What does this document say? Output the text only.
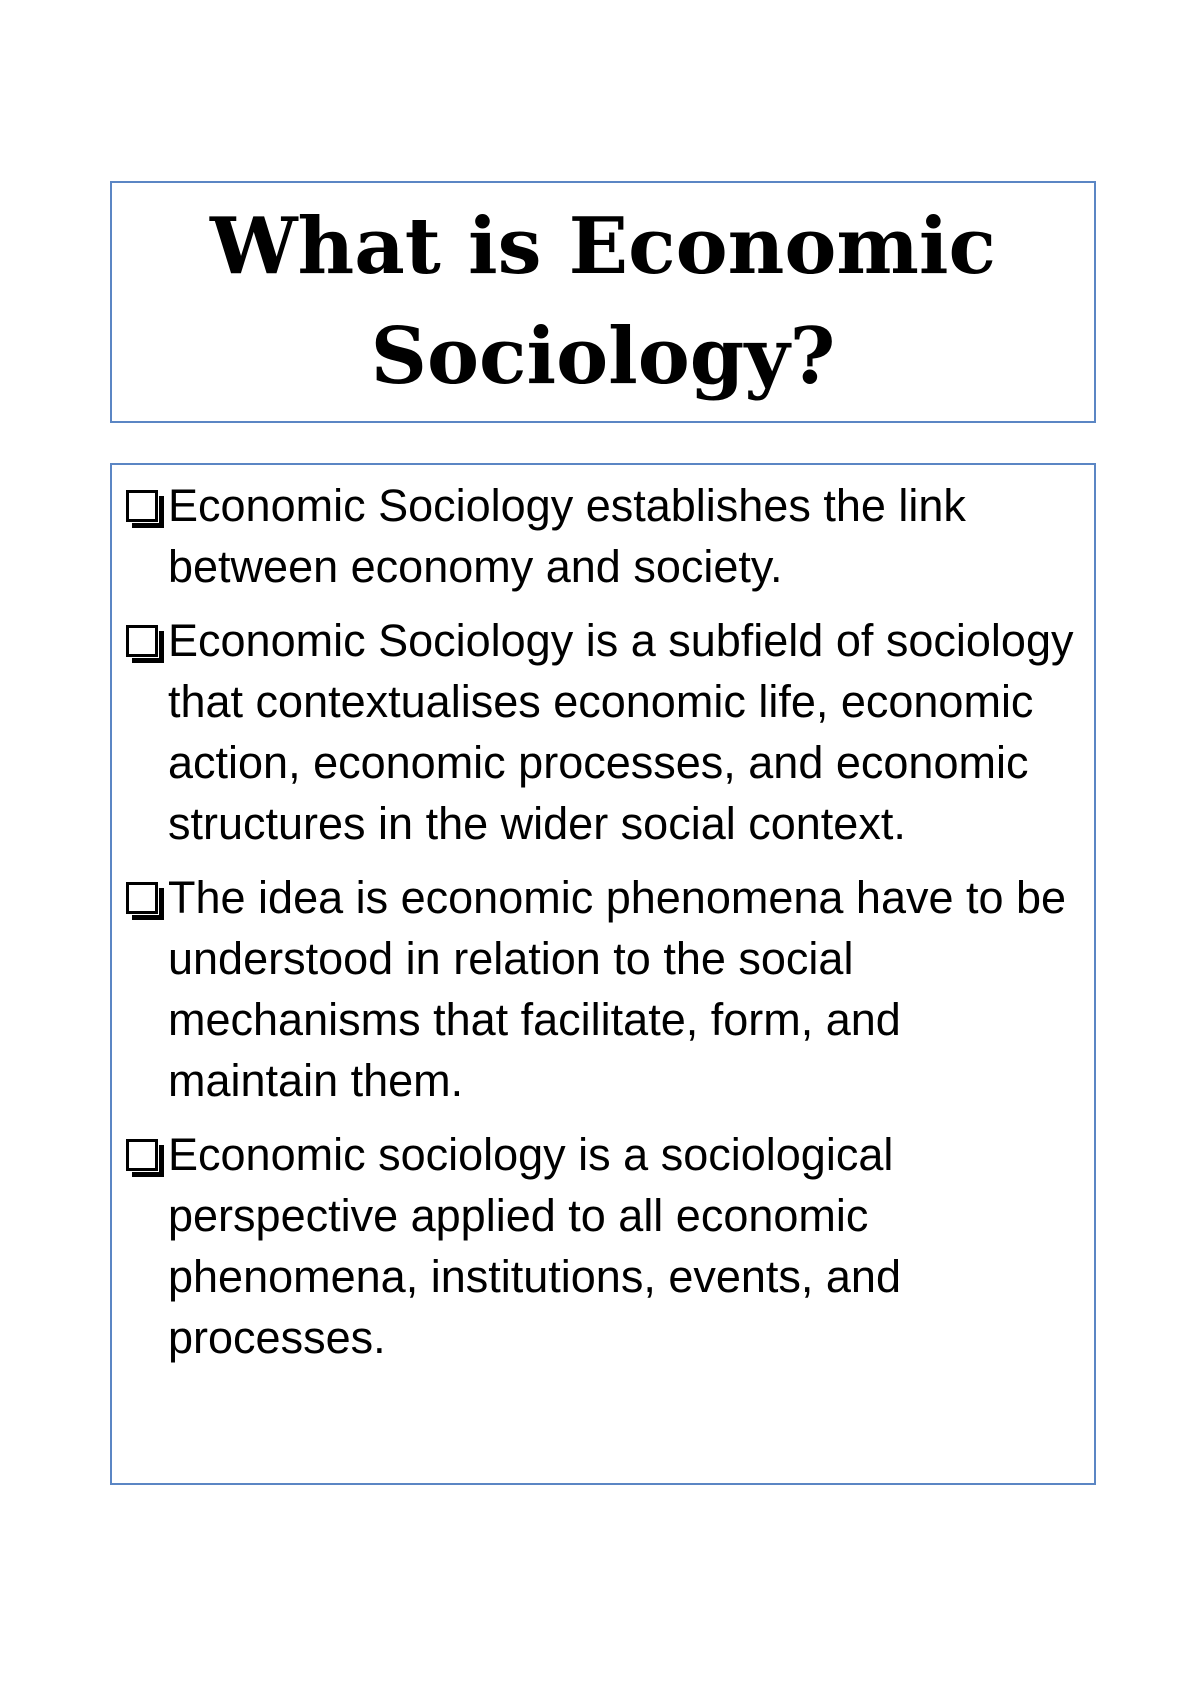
What is Economic
Sociology?

Economic Sociology establishes the link between economy and society.

Economic Sociology is a subfield of sociology that contextualises economic life, economic action, economic processes, and economic structures in the wider social context.

The idea is economic phenomena have to be understood in relation to the social mechanisms that facilitate, form, and maintain them.

Economic sociology is a sociological perspective applied to all economic phenomena, institutions, events, and processes.
